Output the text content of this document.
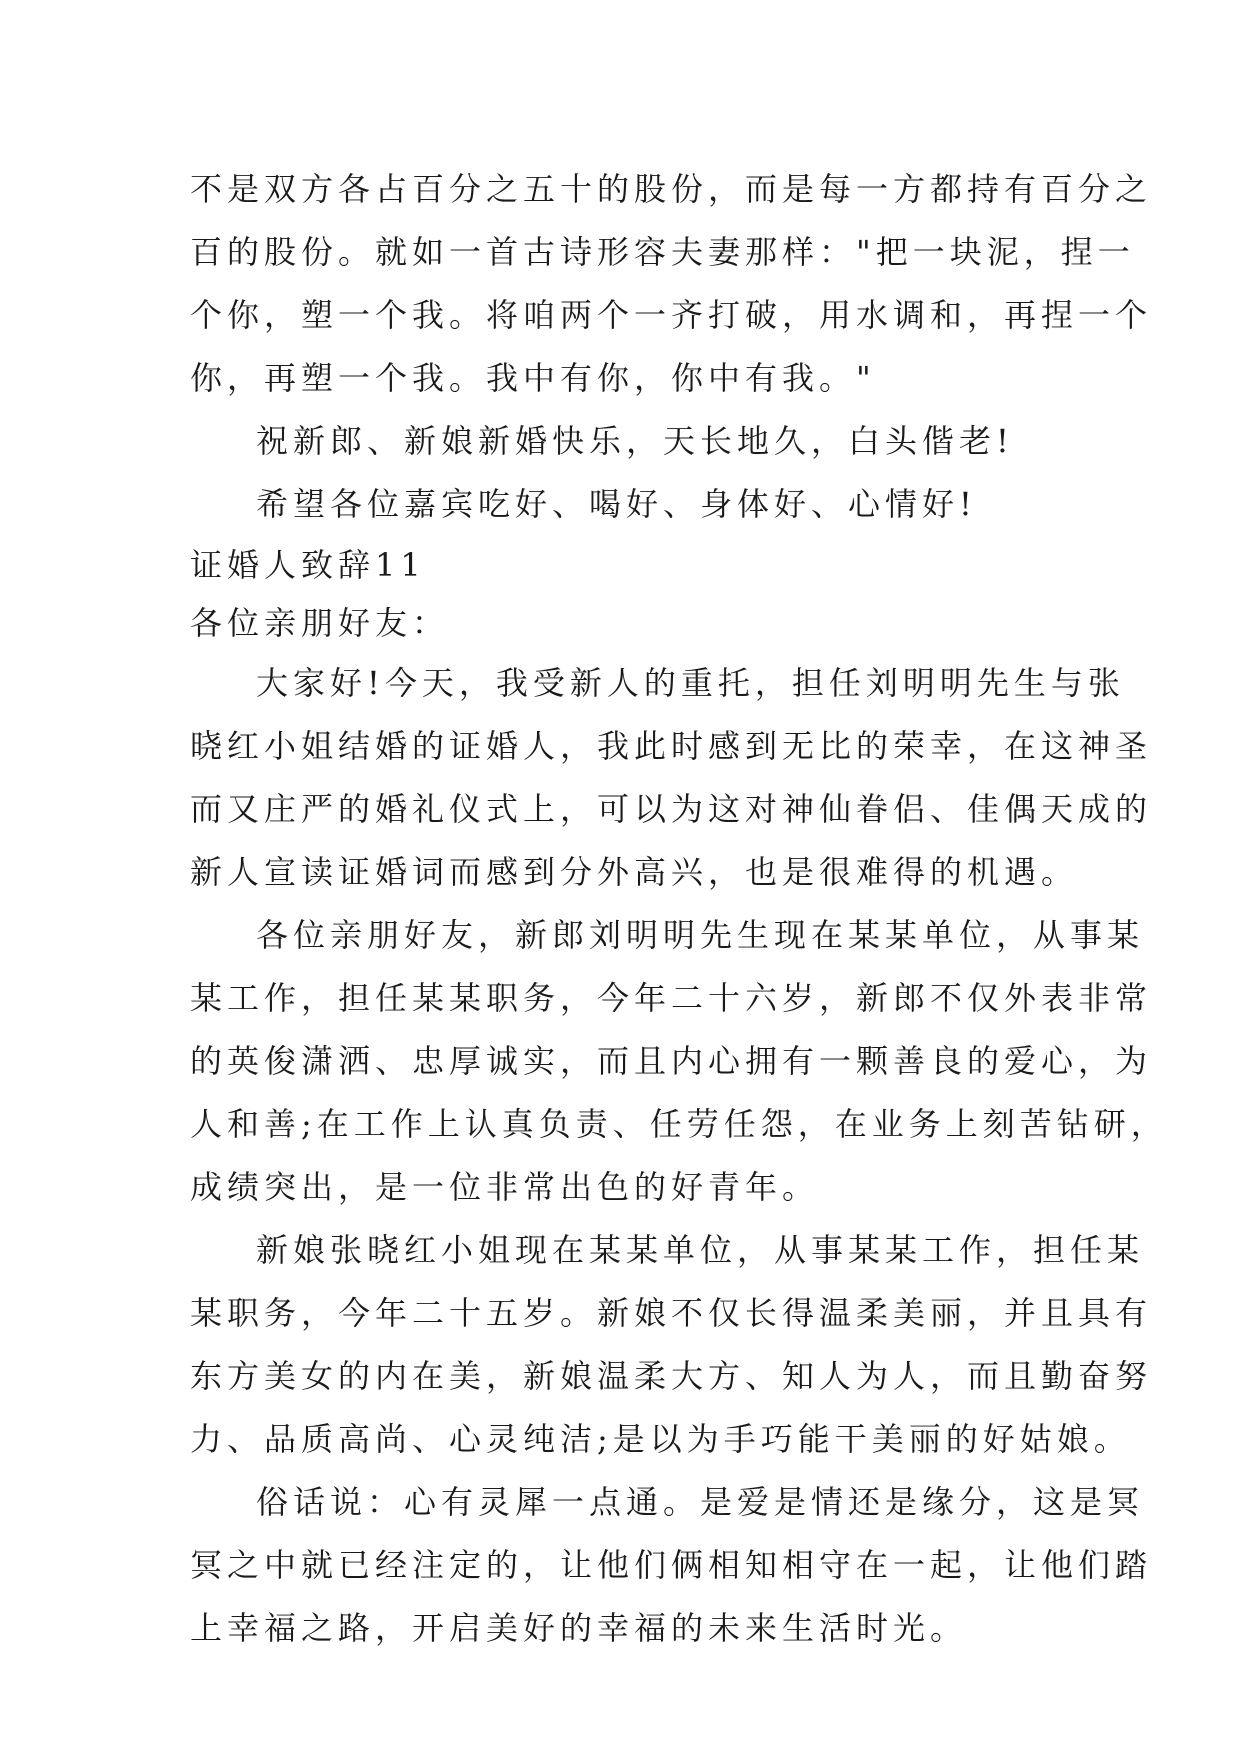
不是双方各占百分之五十的股份，而是每一方都持有百分之
百的股份。就如一首古诗形容夫妻那样："把一块泥，捏一
个你，塑一个我。将咱两个一齐打破，用水调和，再捏一个
你，再塑一个我。我中有你，你中有我。"
祝新郎、新娘新婚快乐，天长地久，白头偕老!
希望各位嘉宾吃好、喝好、身体好、心情好!
证婚人致辞11
各位亲朋好友：
大家好!今天，我受新人的重托，担任刘明明先生与张
晓红小姐结婚的证婚人，我此时感到无比的荣幸，在这神圣
而又庄严的婚礼仪式上，可以为这对神仙眷侣、佳偶天成的
新人宣读证婚词而感到分外高兴，也是很难得的机遇。
各位亲朋好友，新郎刘明明先生现在某某单位，从事某
某工作，担任某某职务，今年二十六岁，新郎不仅外表非常
的英俊潇洒、忠厚诚实，而且内心拥有一颗善良的爱心，为
人和善;在工作上认真负责、任劳任怨，在业务上刻苦钻研，
成绩突出，是一位非常出色的好青年。
新娘张晓红小姐现在某某单位，从事某某工作，担任某
某职务，今年二十五岁。新娘不仅长得温柔美丽，并且具有
东方美女的内在美，新娘温柔大方、知人为人，而且勤奋努
力、品质高尚、心灵纯洁;是以为手巧能干美丽的好姑娘。
俗话说：心有灵犀一点通。是爱是情还是缘分，这是冥
冥之中就已经注定的，让他们俩相知相守在一起，让他们踏
上幸福之路，开启美好的幸福的未来生活时光。
